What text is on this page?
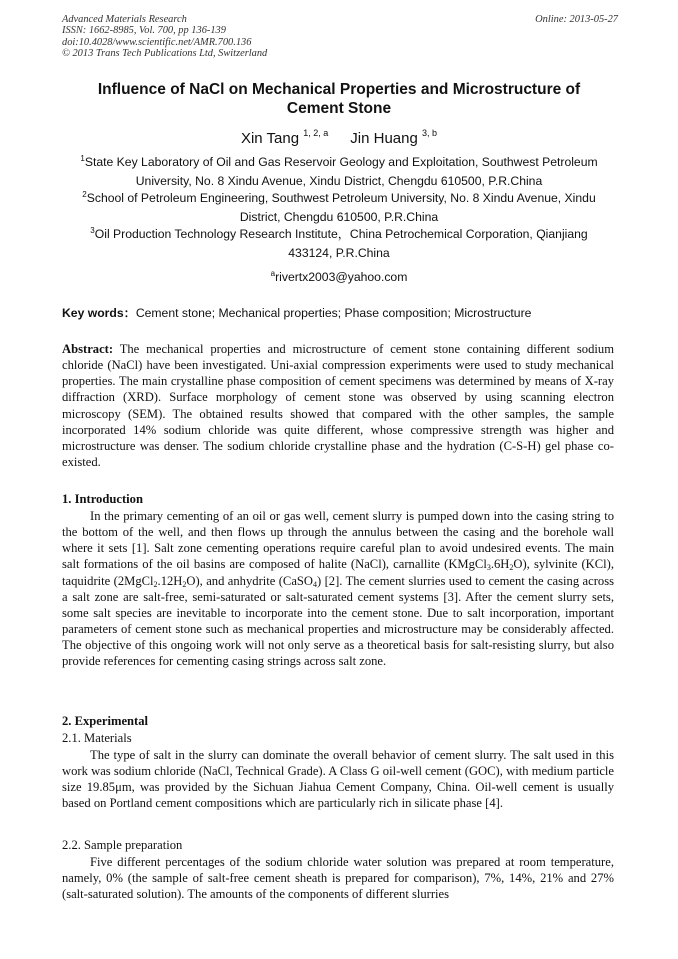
Advanced Materials Research
ISSN: 1662-8985, Vol. 700, pp 136-139
doi:10.4028/www.scientific.net/AMR.700.136
© 2013 Trans Tech Publications Ltd, Switzerland
Online: 2013-05-27
Influence of NaCl on Mechanical Properties and Microstructure of
Cement Stone
Xin Tang $^{1, 2, a}$ Jin Huang $^{3, b}$
$^1$State Key Laboratory of Oil and Gas Reservoir Geology and Exploitation, Southwest Petroleum
University, No. 8 Xindu Avenue, Xindu District, Chengdu 610500, P.R.China
$^2$School of Petroleum Engineering, Southwest Petroleum University, No. 8 Xindu Avenue, Xindu
District, Chengdu 610500, P.R.China
$^3$Oil Production Technology Research Institute，China Petrochemical Corporation, Qianjiang
433124, P.R.China
$^a$rivertx2003@yahoo.com
Key words：Cement stone; Mechanical properties; Phase composition; Microstructure

Abstract: The mechanical properties and microstructure of cement stone containing different sodium chloride (NaCl) have been investigated. Uni-axial compression experiments were used to study mechanical properties. The main crystalline phase composition of cement specimens was determined by means of X-ray diffraction (XRD). Surface morphology of cement stone was observed by using scanning electron microscopy (SEM). The obtained results showed that compared with the other samples, the sample incorporated 14% sodium chloride was quite different, whose compressive strength was higher and microstructure was denser. The sodium chloride crystalline phase and the hydration (C-S-H) gel phase co-existed.

1. Introduction

In the primary cementing of an oil or gas well, cement slurry is pumped down into the casing string to the bottom of the well, and then flows up through the annulus between the casing and the borehole wall where it sets [1]. Salt zone cementing operations require careful plan to avoid undesired events. The main salt formations of the oil basins are composed of halite (NaCl), carnallite $(KMgCl_3.6H_2O)$, sylvinite (KCl), taquidrite $(2MgCl_2.12H_2O)$, and anhydrite (CaSO$_4$) [2]. The cement slurries used to cement the casing across a salt zone are salt-free, semi-saturated or salt-saturated cement systems [3]. After the cement slurry sets, some salt species are inevitable to incorporate into the cement stone. Due to salt incorporation, important parameters of cement stone such as mechanical properties and microstructure may be considerably affected. The objective of this ongoing work will not only serve as a theoretical basis for salt-resisting slurry, but also provide references for cementing casing strings across salt zone.

2. Experimental
2.1. Materials

The type of salt in the slurry can dominate the overall behavior of cement slurry. The salt used in this work was sodium chloride (NaCl, Technical Grade). A Class G oil-well cement (GOC), with medium particle size 19.85μm, was provided by the Sichuan Jiahua Cement Company, China. Oil-well cement is usually based on Portland cement compositions which are particularly rich in silicate phase [4].

2.2. Sample preparation

Five different percentages of the sodium chloride water solution was prepared at room temperature, namely, 0% (the sample of salt-free cement sheath is prepared for comparison), 7%, 14%, 21% and 27% (salt-saturated solution). The amounts of the components of different slurries
